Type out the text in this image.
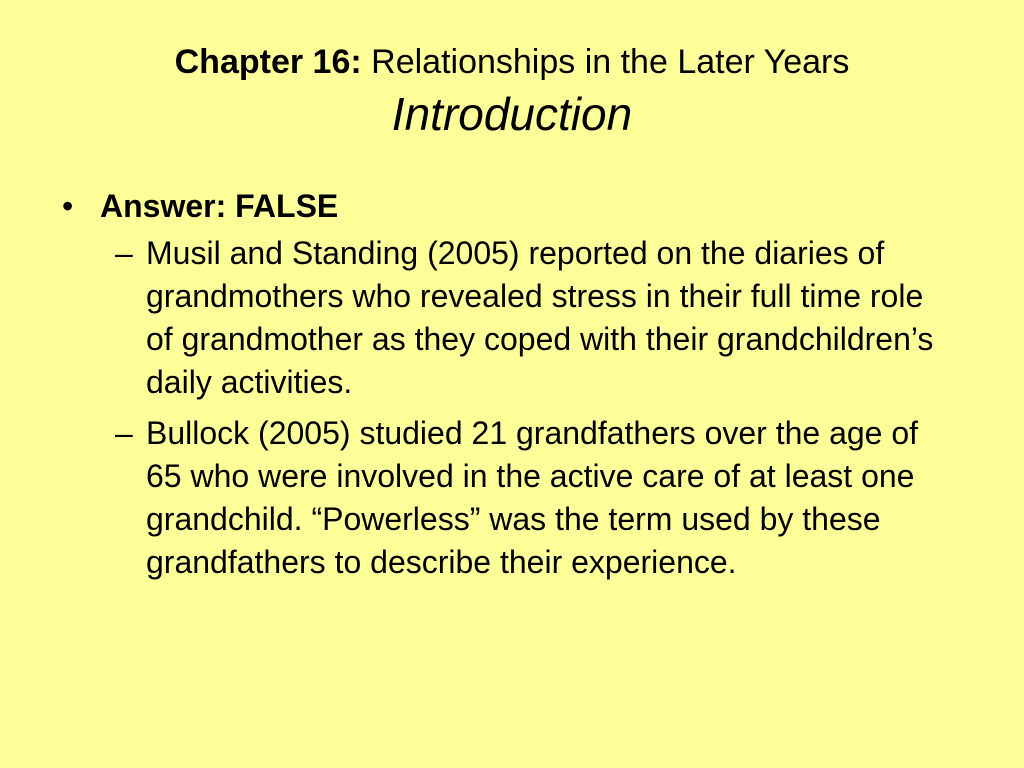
Chapter 16: Relationships in the Later Years

Introduction

• Answer: FALSE
– Musil and Standing (2005) reported on the diaries of grandmothers who revealed stress in their full time role of grandmother as they coped with their grandchildren’s daily activities.
– Bullock (2005) studied 21 grandfathers over the age of 65 who were involved in the active care of at least one grandchild. “Powerless” was the term used by these grandfathers to describe their experience.
